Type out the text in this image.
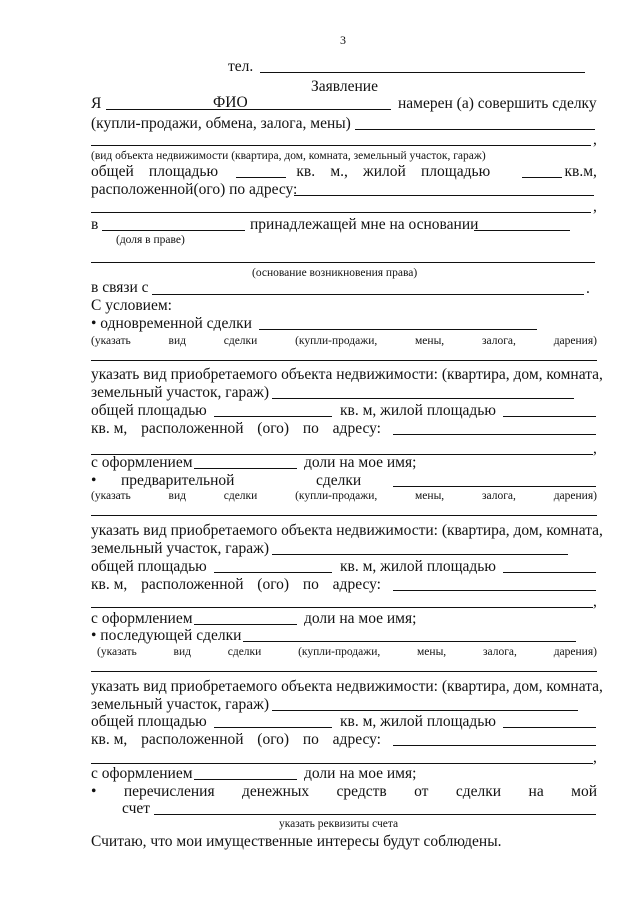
3
тел.
Заявление
Я	ФИО	намерен (а) совершить сделку
(купли-продажи, обмена, залога, мены)
,
(вид объекта недвижимости (квартира, дом, комната, земельный участок, гараж)
общей площадью	кв. м., жилой площадью	кв.м,
расположенной(ого) по адресу:
,
в	принадлежащей мне на основании
(доля в праве)
(основание возникновения права)
в связи с	.
С условием:
• одновременной сделки
(указать	вид	сделки	(купли-продажи,	мены,	залога,	дарения)
указать вид приобретаемого объекта недвижимости: (квартира, дом, комната,
земельный участок, гараж)
общей площадью	кв. м, жилой площадью
кв. м, расположенной (ого) по адресу:
,
с оформлением	доли на мое имя;
• предварительной	сделки
(указать	вид	сделки	(купли-продажи,	мены,	залога,	дарения)
указать вид приобретаемого объекта недвижимости: (квартира, дом, комната,
земельный участок, гараж)
общей площадью	кв. м, жилой площадью
кв. м, расположенной (ого) по адресу:
,
с оформлением	доли на мое имя;
• последующей сделки
(указать	вид	сделки	(купли-продажи,	мены,	залога,	дарения)
указать вид приобретаемого объекта недвижимости: (квартира, дом, комната,
земельный участок, гараж)
общей площадью	кв. м, жилой площадью
кв. м, расположенной (ого) по адресу:
,
с оформлением	доли на мое имя;
• перечисления денежных средств от сделки на мой
счет
указать реквизиты счета
Считаю, что мои имущественные интересы будут соблюдены.
